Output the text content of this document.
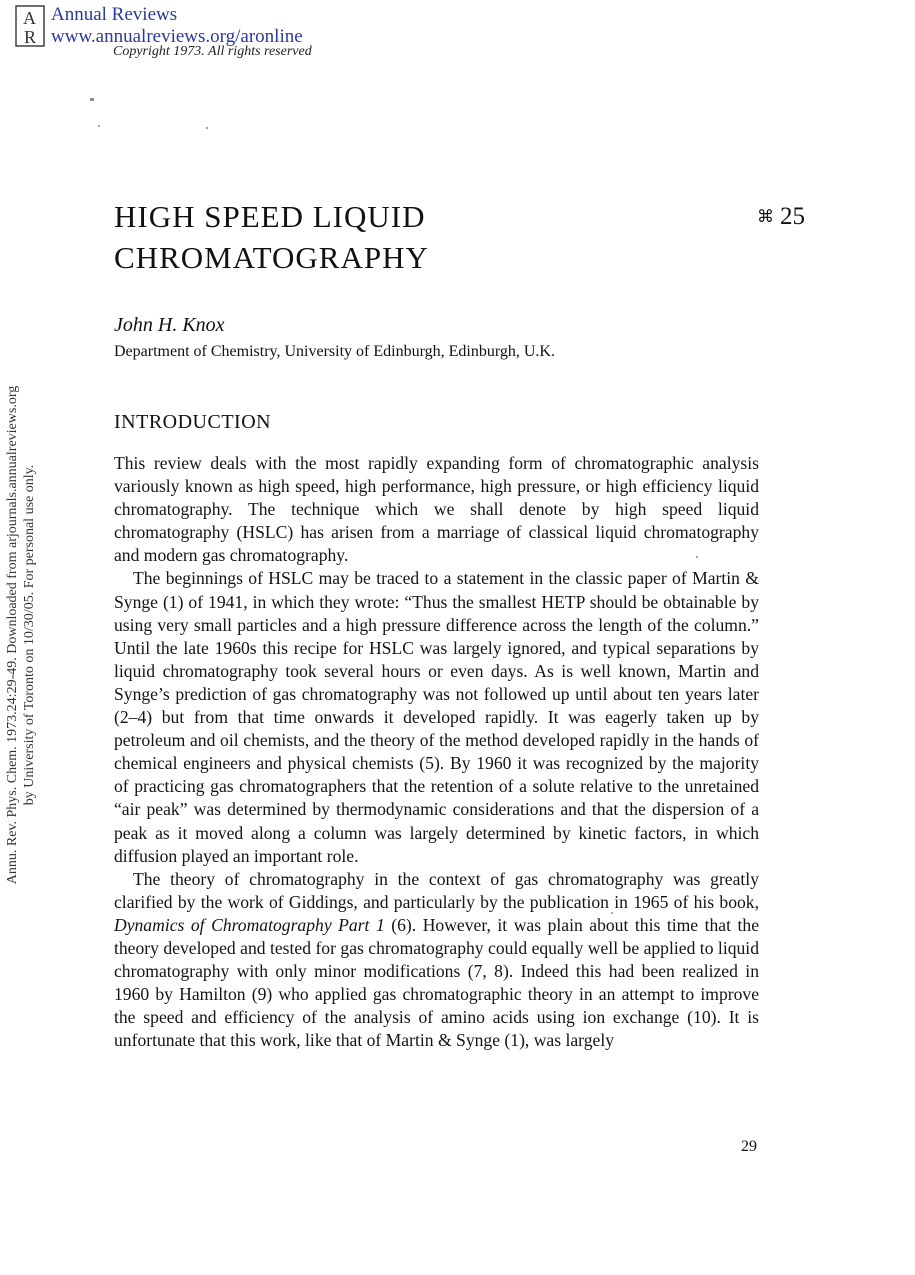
A
R
Annual Reviews
www.annualreviews.org/aronline
Copyright 1973. All rights reserved
Annu. Rev. Phys. Chem. 1973.24:29-49. Downloaded from arjournals.annualreviews.org by University of Toronto on 10/30/05. For personal use only.
HIGH SPEED LIQUID
CHROMATOGRAPHY
⌘ 25
John H. Knox
Department of Chemistry, University of Edinburgh, Edinburgh, U.K.
INTRODUCTION

This review deals with the most rapidly expanding form of chromatographic analysis variously known as high speed, high performance, high pressure, or high efficiency liquid chromatography. The technique which we shall denote by high speed liquid chromatography (HSLC) has arisen from a marriage of classical liquid chromatography and modern gas chromatography.

The beginnings of HSLC may be traced to a statement in the classic paper of Martin & Synge (1) of 1941, in which they wrote: “Thus the smallest HETP should be obtainable by using very small particles and a high pressure difference across the length of the column.” Until the late 1960s this recipe for HSLC was largely ignored, and typical separations by liquid chromatography took several hours or even days. As is well known, Martin and Synge’s prediction of gas chromatography was not followed up until about ten years later (2–4) but from that time onwards it developed rapidly. It was eagerly taken up by petroleum and oil chemists, and the theory of the method developed rapidly in the hands of chemical engineers and physical chemists (5). By 1960 it was recognized by the majority of practicing gas chromatographers that the retention of a solute relative to the unretained “air peak” was determined by thermodynamic considerations and that the dispersion of a peak as it moved along a column was largely determined by kinetic factors, in which diffusion played an important role.

The theory of chromatography in the context of gas chromatography was greatly clarified by the work of Giddings, and particularly by the publication in 1965 of his book, Dynamics of Chromatography Part 1 (6). However, it was plain about this time that the theory developed and tested for gas chromatography could equally well be applied to liquid chromatography with only minor modifications (7, 8). Indeed this had been realized in 1960 by Hamilton (9) who applied gas chromatographic theory in an attempt to improve the speed and efficiency of the analysis of amino acids using ion exchange (10). It is unfortunate that this work, like that of Martin & Synge (1), was largely

29
